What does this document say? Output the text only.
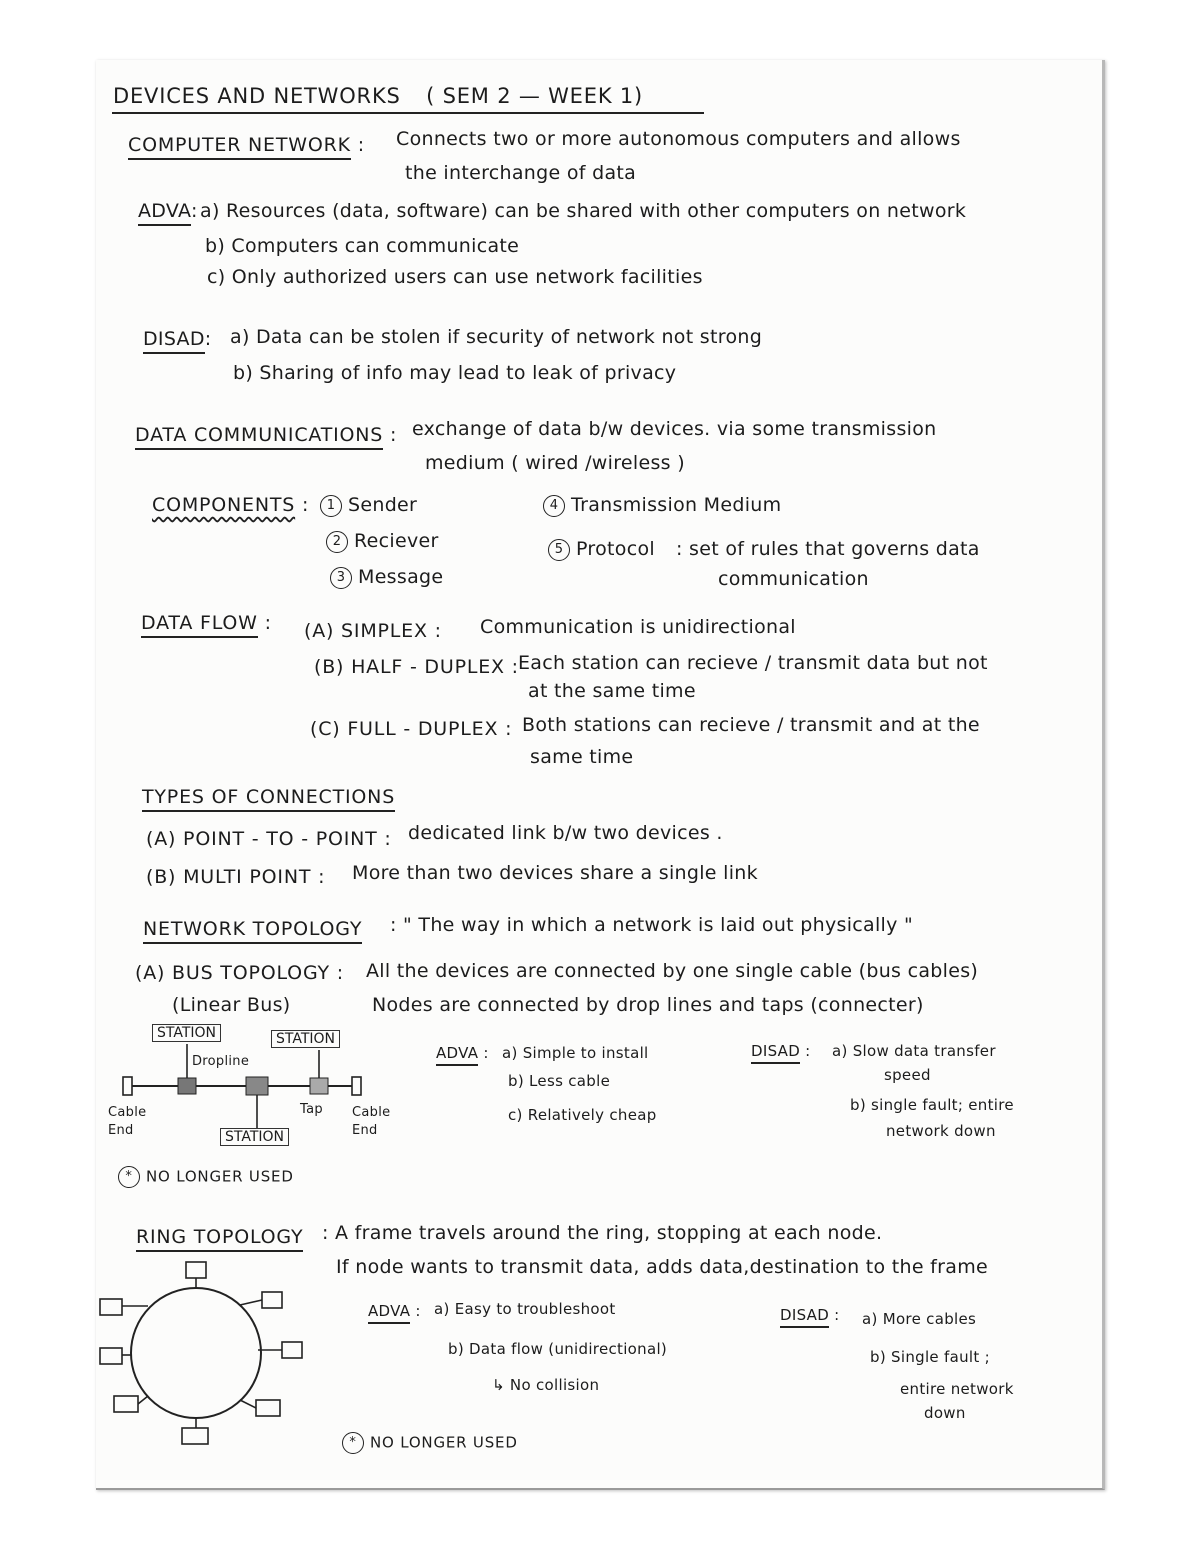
DEVICES AND NETWORKS ( SEM 2 — WEEK 1)
COMPUTER NETWORK : Connects two or more autonomous computers and allows
the interchange of data
ADVA: a) Resources (data, software) can be shared with other computers on network
b) Computers can communicate
c) Only authorized users can use network facilities
DISAD: a) Data can be stolen if security of network not strong
b) Sharing of info may lead to leak of privacy
DATA COMMUNICATIONS : exchange of data b/w devices. via some transmission
medium ( wired /wireless )
COMPONENTS :	1 Sender
2 Reciever
3 Message
4 Transmission Medium
5 Protocol : set of rules that governs data
communication
DATA FLOW : (A) SIMPLEX : Communication is unidirectional
(B) HALF - DUPLEX : Each station can recieve / transmit data but not
at the same time
(C) FULL - DUPLEX : Both stations can recieve / transmit and at the
same time
TYPES OF CONNECTIONS
(A) POINT - TO - POINT : dedicated link b/w two devices .
(B) MULTI POINT : More than two devices share a single link
NETWORK TOPOLOGY : " The way in which a network is laid out physically "
(A) BUS TOPOLOGY :
(Linear Bus)
All the devices are connected by one single cable (bus cables)
Nodes are connected by drop lines and taps (connecter)
STATION	STATION
STATION
Dropline
Tap
Cable
End
Cable
End
ADVA : a) Simple to install
b) Less cable
c) Relatively cheap
DISAD : a) Slow data transfer
speed
b) single fault; entire
network down
* NO LONGER USED
RING TOPOLOGY : A frame travels around the ring, stopping at each node.
If node wants to transmit data, adds data,destination to the frame
ADVA : a) Easy to troubleshoot
b) Data flow (unidirectional)
↳ No collision
DISAD : a) More cables
b) Single fault ;
entire network
down
* NO LONGER USED
